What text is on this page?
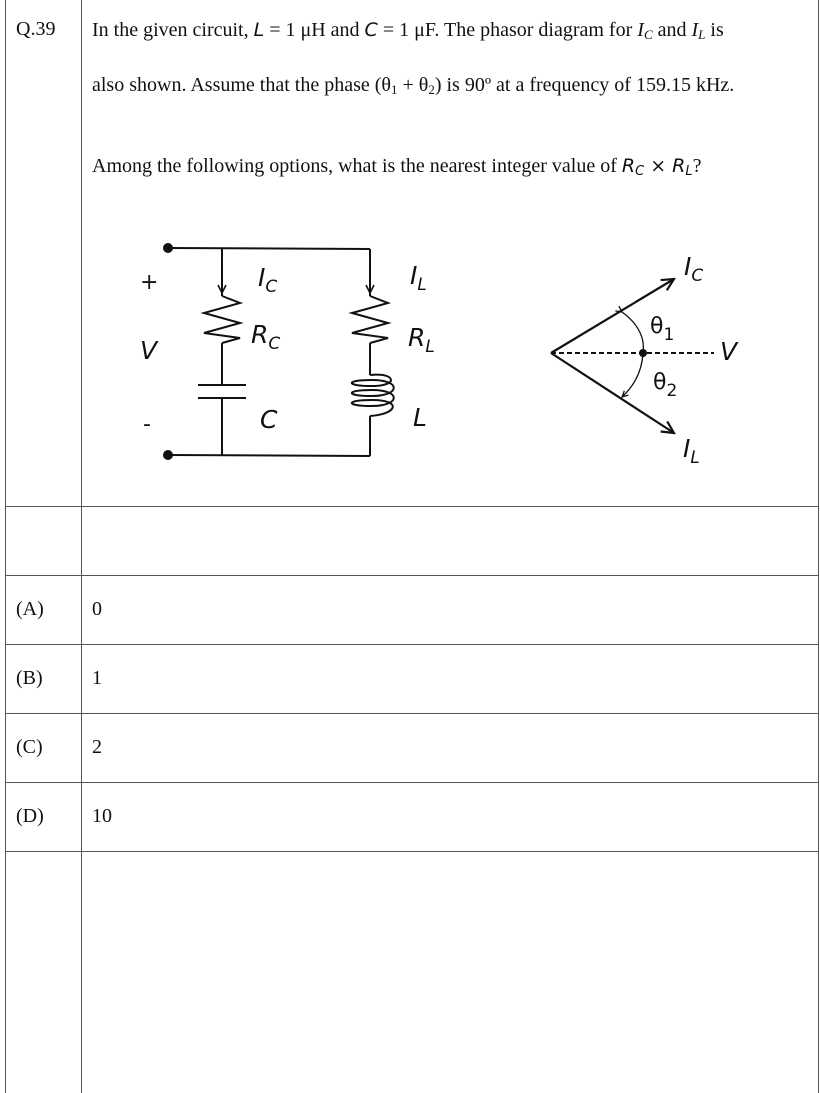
Q.39 In the given circuit, L = 1 μH and C = 1 μF. The phasor diagram for $I_C$ and $I_L$ is
also shown. Assume that the phase $(\theta_1 + \theta_2)$ is 90º at a frequency of 159.15 kHz.
Among the following options, what is the nearest integer value of $R_C \times R_L$?
+
-
V
$I_C$
$R_C$
C
$I_L$
$R_L$
L
$I_C$
V
$I_L$
$\theta_1$
$\theta_2$
(A) 0
(B) 1
(C) 2
(D) 10
